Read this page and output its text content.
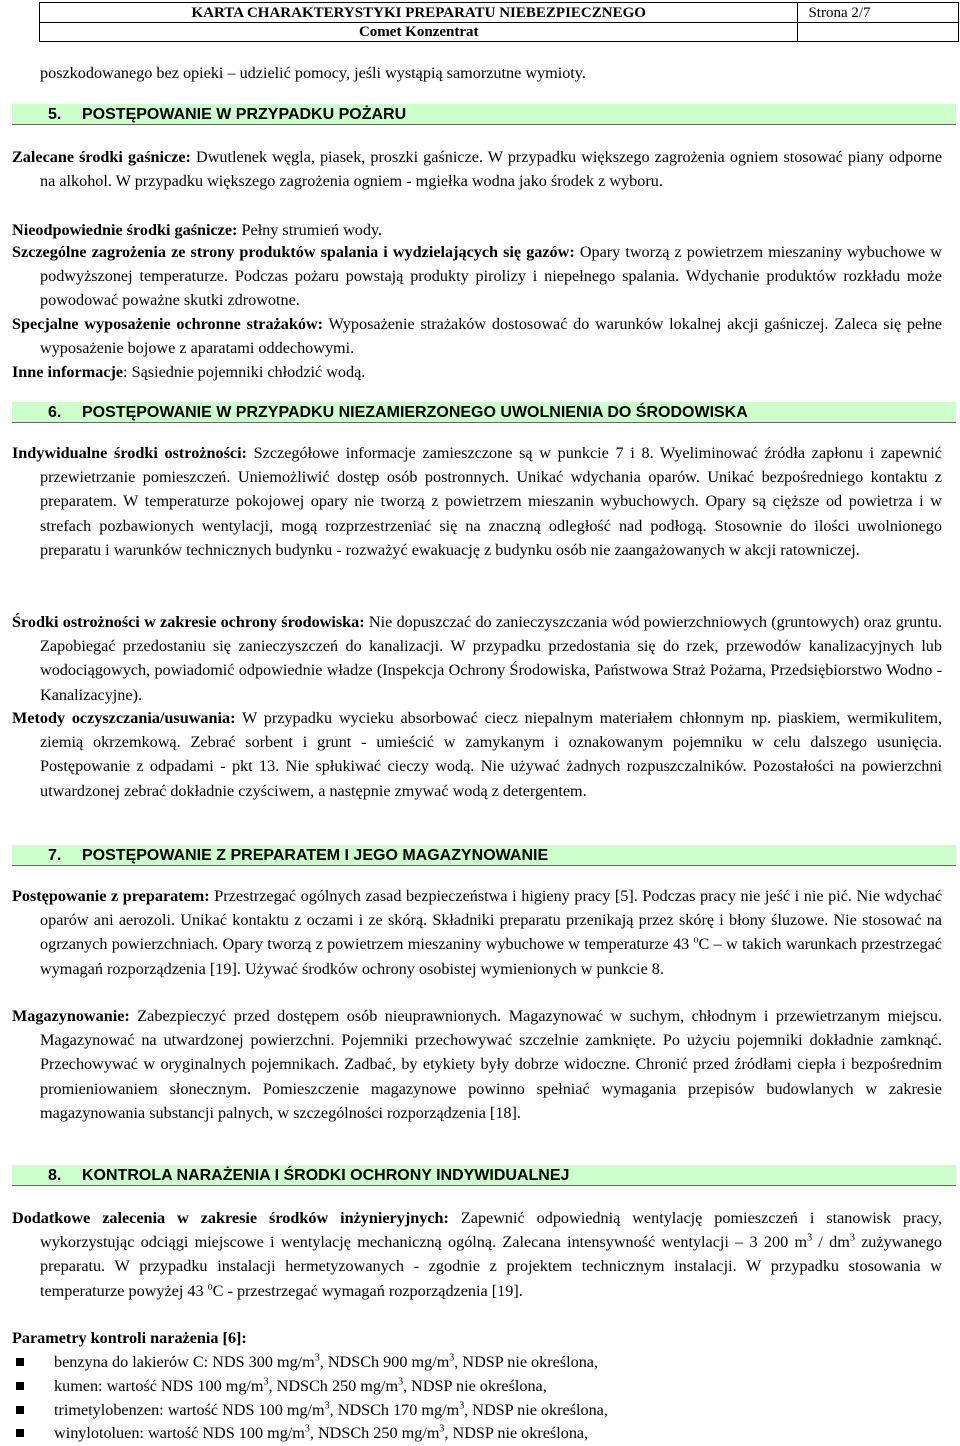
KARTA CHARAKTERYSTYKI PREPARATU NIEBEZPIECZNEGO
Comet Konzentrat

Strona 2/7

poszkodowanego bez opieki – udzielić pomocy, jeśli wystąpią samorzutne wymioty.
5. POSTĘPOWANIE W PRZYPADKU POŻARU
Zalecane środki gaśnicze: Dwutlenek węgla, piasek, proszki gaśnicze. W przypadku większego zagrożenia ogniem stosować piany odporne na alkohol. W przypadku większego zagrożenia ogniem - mgiełka wodna jako środek z wyboru.
Nieodpowiednie środki gaśnicze: Pełny strumień wody.
Szczególne zagrożenia ze strony produktów spalania i wydzielających się gazów: Opary tworzą z powietrzem mieszaniny wybuchowe w podwyższonej temperaturze. Podczas pożaru powstają produkty pirolizy i niepełnego spalania. Wdychanie produktów rozkładu może powodować poważne skutki zdrowotne.
Specjalne wyposażenie ochronne strażaków: Wyposażenie strażaków dostosować do warunków lokalnej akcji gaśniczej. Zaleca się pełne wyposażenie bojowe z aparatami oddechowymi.
Inne informacje: Sąsiednie pojemniki chłodzić wodą.
6. POSTĘPOWANIE W PRZYPADKU NIEZAMIERZONEGO UWOLNIENIA DO ŚRODOWISKA
Indywidualne środki ostrożności: Szczegółowe informacje zamieszczone są w punkcie 7 i 8. Wyeliminować źródła zapłonu i zapewnić przewietrzanie pomieszczeń. Uniemożliwić dostęp osób postronnych. Unikać wdychania oparów. Unikać bezpośredniego kontaktu z preparatem. W temperaturze pokojowej opary nie tworzą z powietrzem mieszanin wybuchowych. Opary są cięższe od powietrza i w strefach pozbawionych wentylacji, mogą rozprzestrzeniać się na znaczną odległość nad podłogą. Stosownie do ilości uwolnionego preparatu i warunków technicznych budynku - rozważyć ewakuację z budynku osób nie zaangażowanych w akcji ratowniczej.
Środki ostrożności w zakresie ochrony środowiska: Nie dopuszczać do zanieczyszczania wód powierzchniowych (gruntowych) oraz gruntu. Zapobiegać przedostaniu się zanieczyszczeń do kanalizacji. W przypadku przedostania się do rzek, przewodów kanalizacyjnych lub wodociągowych, powiadomić odpowiednie władze (Inspekcja Ochrony Środowiska, Państwowa Straż Pożarna, Przedsiębiorstwo Wodno - Kanalizacyjne).
Metody oczyszczania/usuwania: W przypadku wycieku absorbować ciecz niepalnym materiałem chłonnym np. piaskiem, wermikulitem, ziemią okrzemkową. Zebrać sorbent i grunt - umieścić w zamykanym i oznakowanym pojemniku w celu dalszego usunięcia. Postępowanie z odpadami - pkt 13. Nie spłukiwać cieczy wodą. Nie używać żadnych rozpuszczalników. Pozostałości na powierzchni utwardzonej zebrać dokładnie czyściwem, a następnie zmywać wodą z detergentem.
7. POSTĘPOWANIE Z PREPARATEM I JEGO MAGAZYNOWANIE
Postępowanie z preparatem: Przestrzegać ogólnych zasad bezpieczeństwa i higieny pracy [5]. Podczas pracy nie jeść i nie pić. Nie wdychać oparów ani aerozoli. Unikać kontaktu z oczami i ze skórą. Składniki preparatu przenikają przez skórę i błony śluzowe. Nie stosować na ogrzanych powierzchniach. Opary tworzą z powietrzem mieszaniny wybuchowe w temperaturze 43 $^o$C – w takich warunkach przestrzegać wymagań rozporządzenia [19]. Używać środków ochrony osobistej wymienionych w punkcie 8.
Magazynowanie: Zabezpieczyć przed dostępem osób nieuprawnionych. Magazynować w suchym, chłodnym i przewietrzanym miejscu. Magazynować na utwardzonej powierzchni. Pojemniki przechowywać szczelnie zamknięte. Po użyciu pojemniki dokładnie zamknąć. Przechowywać w oryginalnych pojemnikach. Zadbać, by etykiety były dobrze widoczne. Chronić przed źródłami ciepła i bezpośrednim promieniowaniem słonecznym. Pomieszczenie magazynowe powinno spełniać wymagania przepisów budowlanych w zakresie magazynowania substancji palnych, w szczególności rozporządzenia [18].
8. KONTROLA NARAŻENIA I ŚRODKI OCHRONY INDYWIDUALNEJ
Dodatkowe zalecenia w zakresie środków inżynieryjnych: Zapewnić odpowiednią wentylację pomieszczeń i stanowisk pracy, wykorzystując odciągi miejscowe i wentylację mechaniczną ogólną. Zalecana intensywność wentylacji – 3 200 $m^3 / dm^3$ zużywanego preparatu. W przypadku instalacji hermetyzowanych - zgodnie z projektem technicznym instalacji. W przypadku stosowania w temperaturze powyżej 43 $^o$C - przestrzegać wymagań rozporządzenia [19].
Parametry kontroli narażenia [6]:
benzyna do lakierów C: NDS 300 $mg/m^3$, NDSCh 900 $mg/m^3$, NDSP nie określona,
kumen: wartość NDS 100 $mg/m^3$, NDSCh 250 $mg/m^3$, NDSP nie określona,
trimetylobenzen: wartość NDS 100 $mg/m^3$, NDSCh 170 $mg/m^3$, NDSP nie określona,
winylotoluen: wartość NDS 100 $mg/m^3$, NDSCh 250 $mg/m^3$, NDSP nie określona,
